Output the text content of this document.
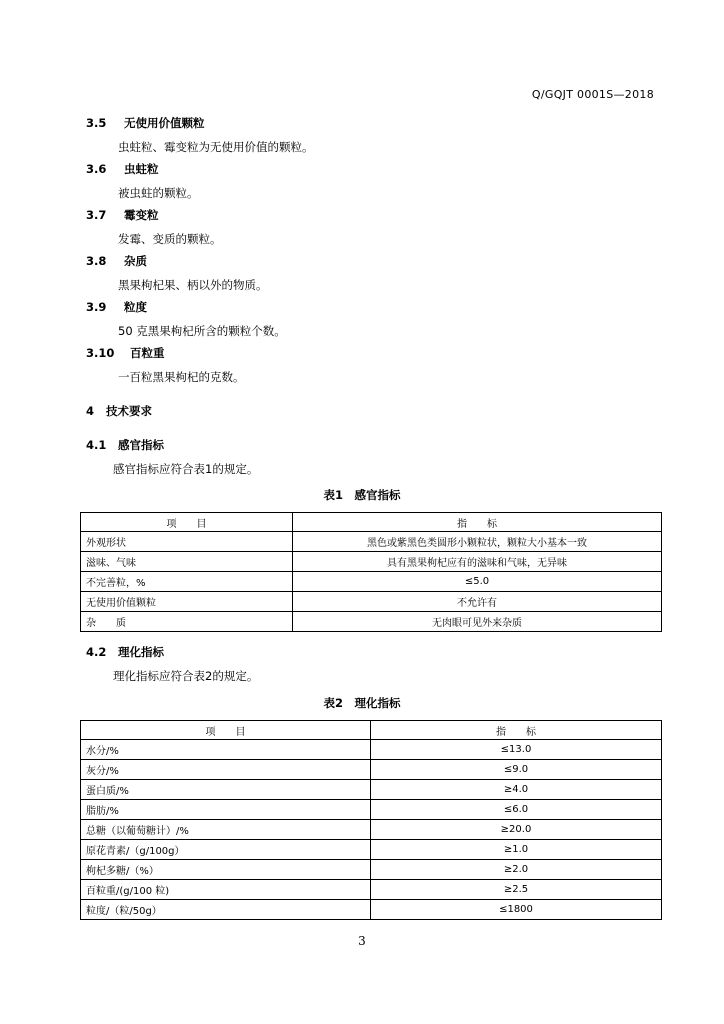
Q/GQJT 0001S—2018
3.5 无使用价值颗粒
虫蛀粒、霉变粒为无使用价值的颗粒。
3.6 虫蛀粒
被虫蛀的颗粒。
3.7 霉变粒
发霉、变质的颗粒。
3.8 杂质
黑果枸杞果、柄以外的物质。
3.9 粒度
50 克黑果枸杞所含的颗粒个数。
3.10 百粒重
一百粒黑果枸杞的克数。
4 技术要求
4.1 感官指标
感官指标应符合表1的规定。
表1　感官指标
项　　目	指　　标
外观形状	黑色或紫黑色类圆形小颗粒状，颗粒大小基本一致
滋味、气味	具有黑果枸杞应有的滋味和气味，无异味
不完善粒，%	≤5.0
无使用价值颗粒	不允许有
杂　　质	无肉眼可见外来杂质
4.2 理化指标
理化指标应符合表2的规定。
表2　理化指标
项　　目	指　　标
水分/%	≤13.0
灰分/%	≤9.0
蛋白质/%	≥4.0
脂肪/%	≤6.0
总糖（以葡萄糖计）/%	≥20.0
原花青素/（g/100g）	≥1.0
枸杞多糖/（%）	≥2.0
百粒重/(g/100 粒)	≥2.5
粒度/（粒/50g）	≤1800
3
